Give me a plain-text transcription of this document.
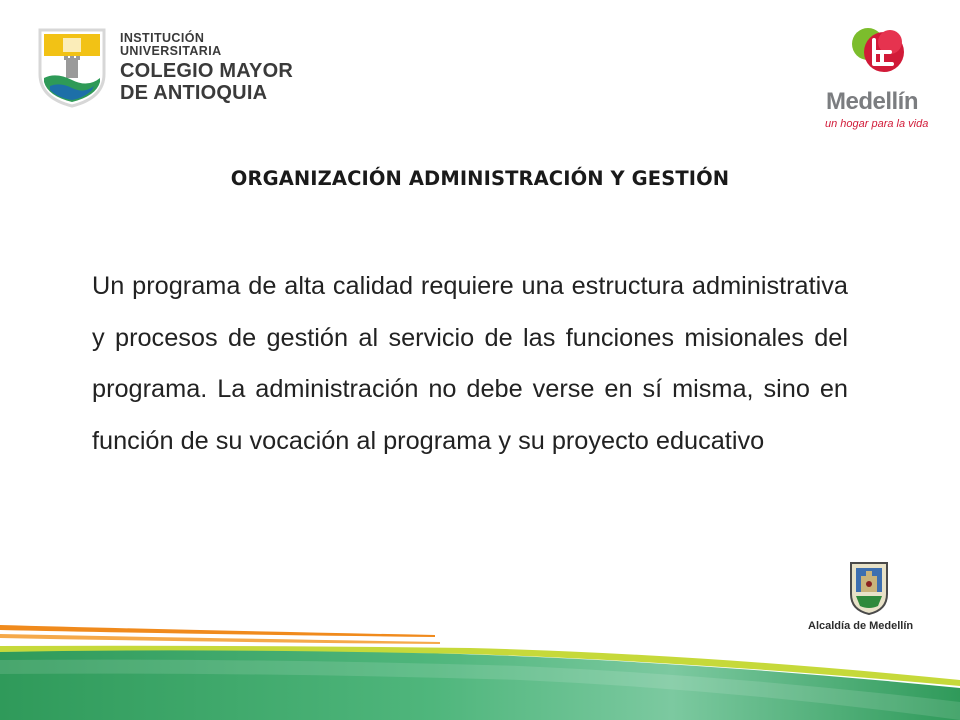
INSTITUCIÓN UNIVERSITARIA
COLEGIO MAYOR
DE ANTIOQUIA	Medellín
un hogar para la vida
ORGANIZACIÓN ADMINISTRACIÓN Y GESTIÓN
Un programa de alta calidad requiere una estructura administrativa y procesos de gestión al servicio de las funciones misionales del programa. La administración no debe verse en sí misma, sino en función de su vocación al programa y su proyecto educativo
Alcaldía de Medellín
